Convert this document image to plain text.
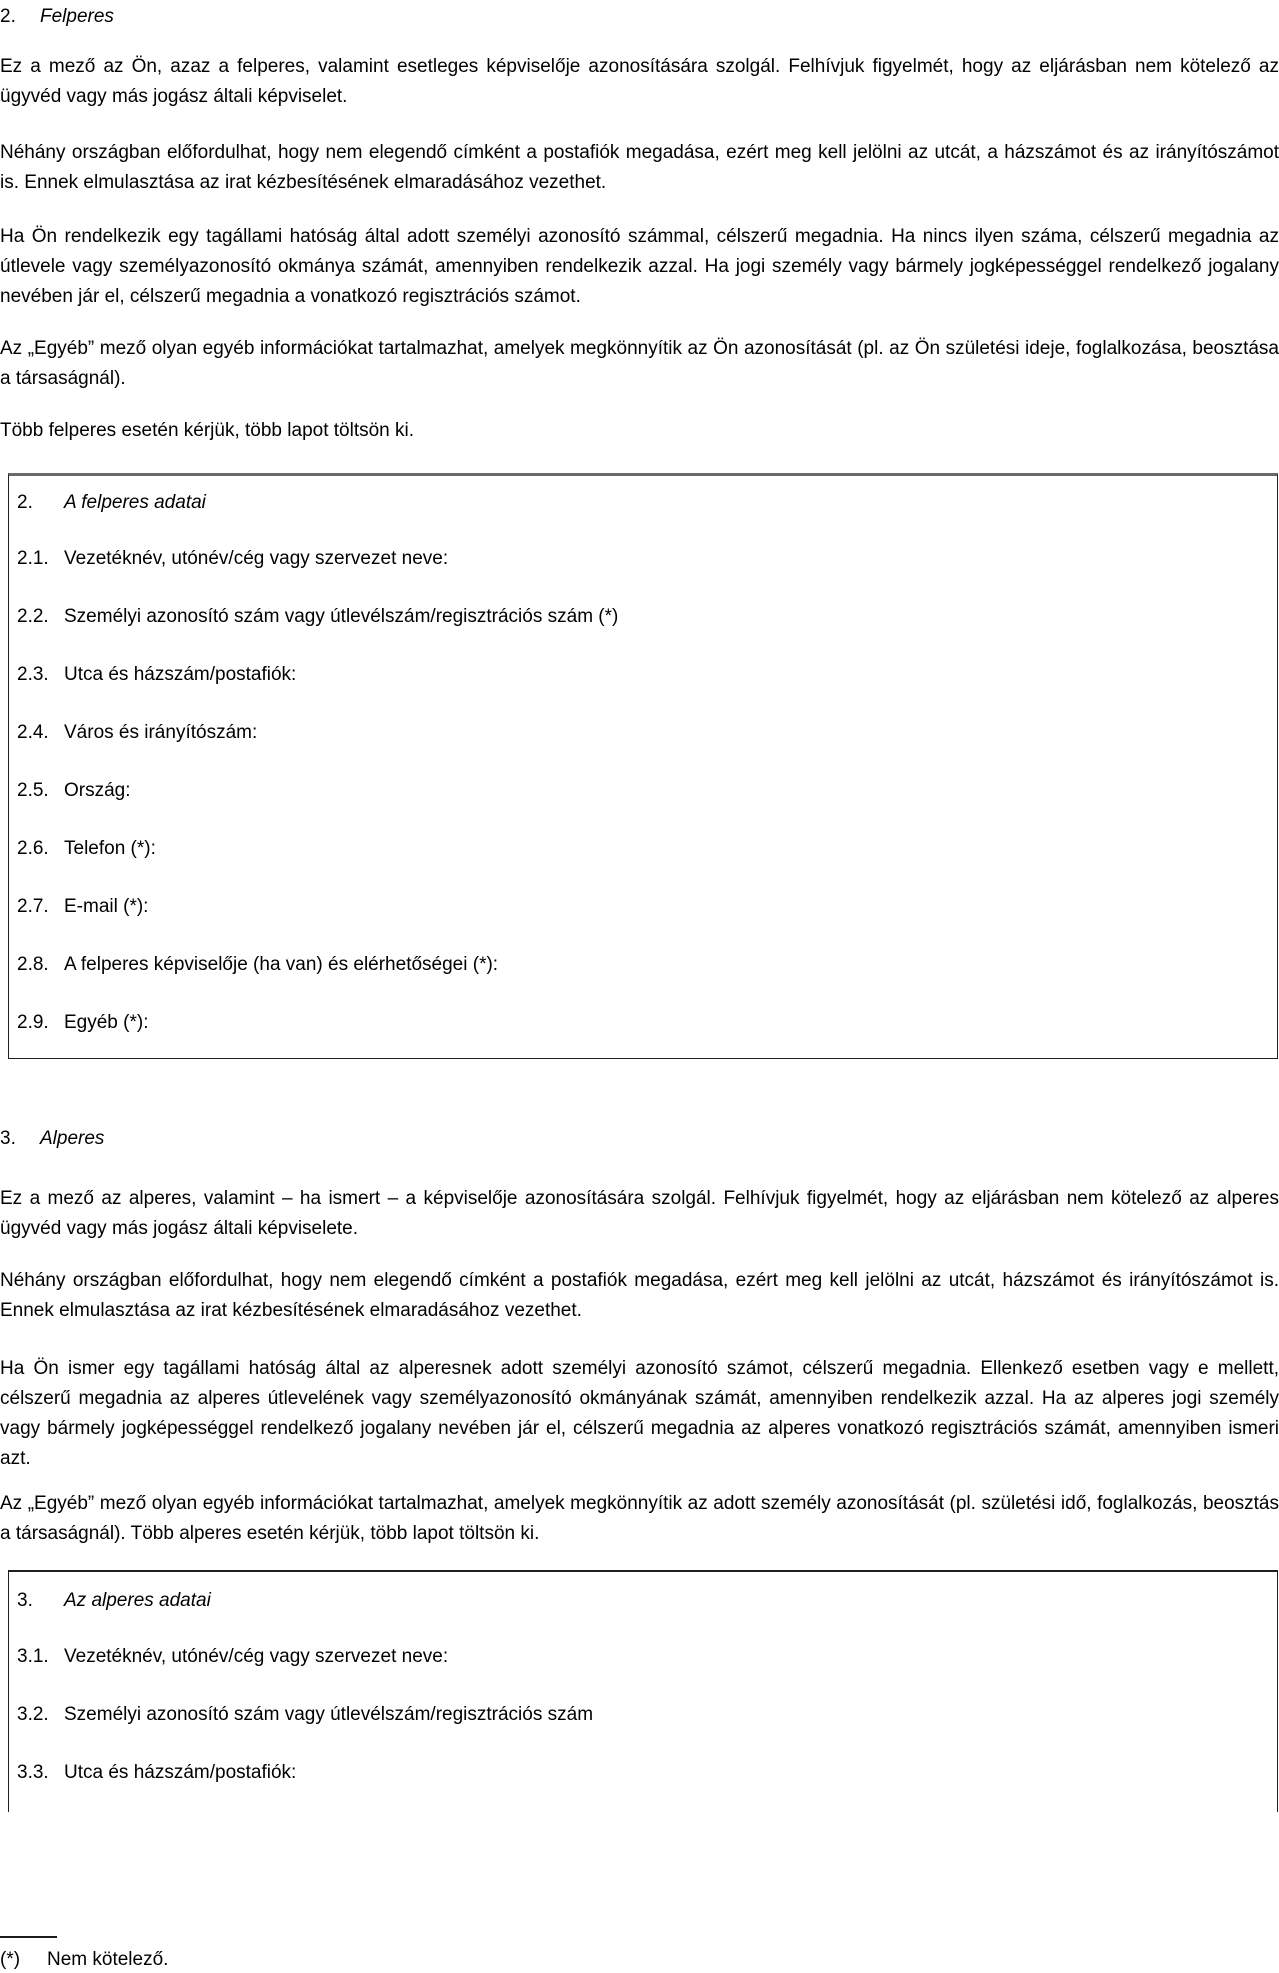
2.	Felperes

Ez a mező az Ön, azaz a felperes, valamint esetleges képviselője azonosítására szolgál. Felhívjuk figyelmét, hogy az eljárásban nem kötelező az ügyvéd vagy más jogász általi képviselet.

Néhány országban előfordulhat, hogy nem elegendő címként a postafiók megadása, ezért meg kell jelölni az utcát, a házszámot és az irányítószámot is. Ennek elmulasztása az irat kézbesítésének elmaradásához vezethet.

Ha Ön rendelkezik egy tagállami hatóság által adott személyi azonosító számmal, célszerű megadnia. Ha nincs ilyen száma, célszerű megadnia az útlevele vagy személyazonosító okmánya számát, amennyiben rendelkezik azzal. Ha jogi személy vagy bármely jogképességgel rendelkező jogalany nevében jár el, célszerű megadnia a vonatkozó regisztrációs számot.

Az „Egyéb” mező olyan egyéb információkat tartalmazhat, amelyek megkönnyítik az Ön azonosítását (pl. az Ön születési ideje, foglalkozása, beosztása a társaságnál).

Több felperes esetén kérjük, több lapot töltsön ki.

2.	A felperes adatai
2.1. Vezetéknév, utónév/cég vagy szervezet neve:
2.2. Személyi azonosító szám vagy útlevélszám/regisztrációs szám (*)
2.3. Utca és házszám/postafiók:
2.4. Város és irányítószám:
2.5. Ország:
2.6. Telefon (*):
2.7. E-mail (*):
2.8. A felperes képviselője (ha van) és elérhetőségei (*):
2.9. Egyéb (*):
3.	Alperes

Ez a mező az alperes, valamint – ha ismert – a képviselője azonosítására szolgál. Felhívjuk figyelmét, hogy az eljárásban nem kötelező az alperes ügyvéd vagy más jogász általi képviselete.

Néhány országban előfordulhat, hogy nem elegendő címként a postafiók megadása, ezért meg kell jelölni az utcát, házszámot és irányítószámot is. Ennek elmulasztása az irat kézbesítésének elmaradásához vezethet.

Ha Ön ismer egy tagállami hatóság által az alperesnek adott személyi azonosító számot, célszerű megadnia. Ellenkező esetben vagy e mellett, célszerű megadnia az alperes útlevelének vagy személyazonosító okmányának számát, amennyiben rendelkezik azzal. Ha az alperes jogi személy vagy bármely jogképességgel rendelkező jogalany nevében jár el, célszerű megadnia az alperes vonatkozó regisztrációs számát, amennyiben ismeri azt.

Az „Egyéb” mező olyan egyéb információkat tartalmazhat, amelyek megkönnyítik az adott személy azonosítását (pl. születési idő, foglalkozás, beosztás a társaságnál). Több alperes esetén kérjük, több lapot töltsön ki.

3.	Az alperes adatai
3.1. Vezetéknév, utónév/cég vagy szervezet neve:
3.2. Személyi azonosító szám vagy útlevélszám/regisztrációs szám
3.3. Utca és házszám/postafiók:
(*)	Nem kötelező.
